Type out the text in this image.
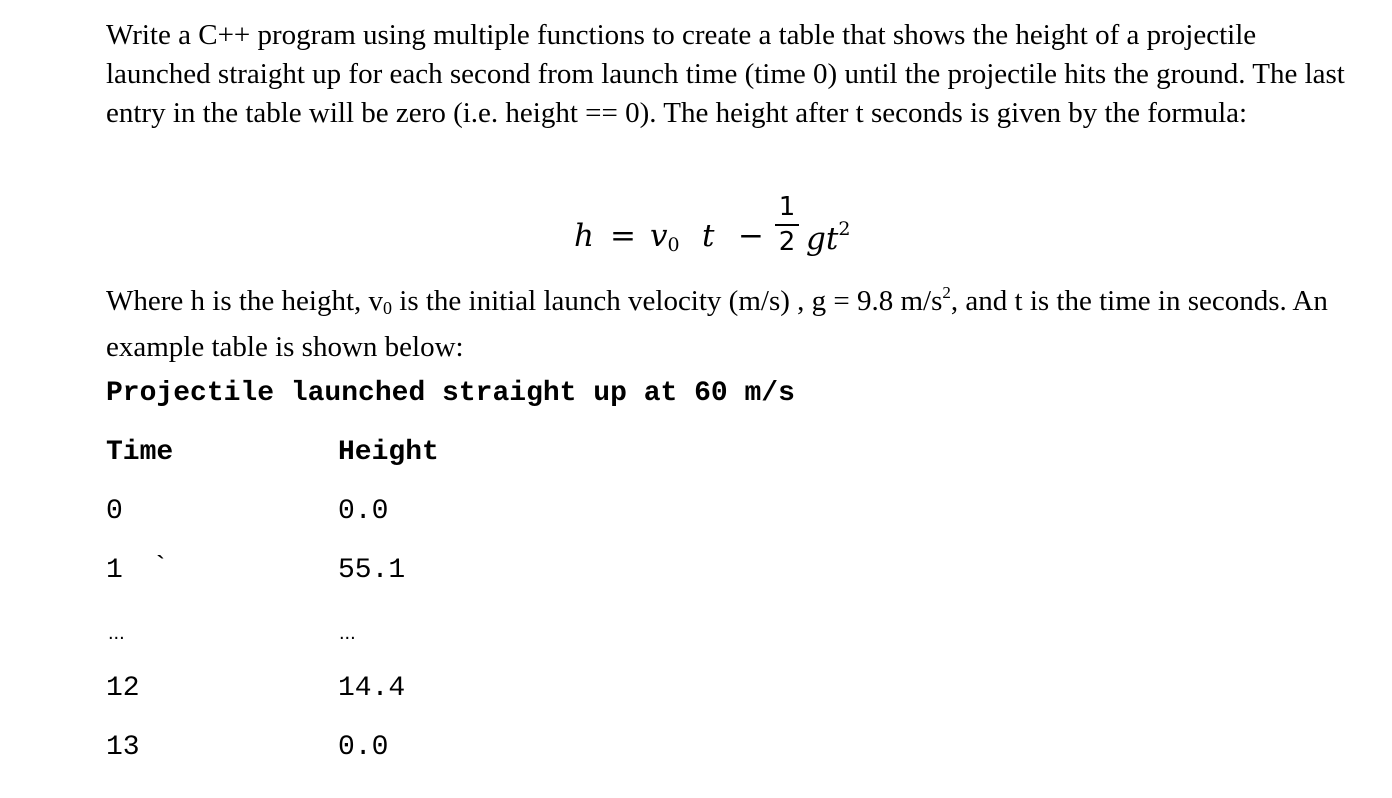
Write a C++ program using multiple functions to create a table that shows the height of a projectile launched straight up for each second from launch time (time 0) until the projectile hits the ground. The last entry in the table will be zero (i.e. height == 0). The height after t seconds is given by the formula:

$h = v_0$ t −
1
2 $gt^2$

Where h is the height, $v_0$ is the initial launch velocity (m/s) , g = 9.8 $m/s^2$, and t is the time in seconds. An example table is shown below:

Projectile launched straight up at 60 m/s

Time	Height

0	0.0

1 `	55.1

...	...

12	14.4

13	0.0
